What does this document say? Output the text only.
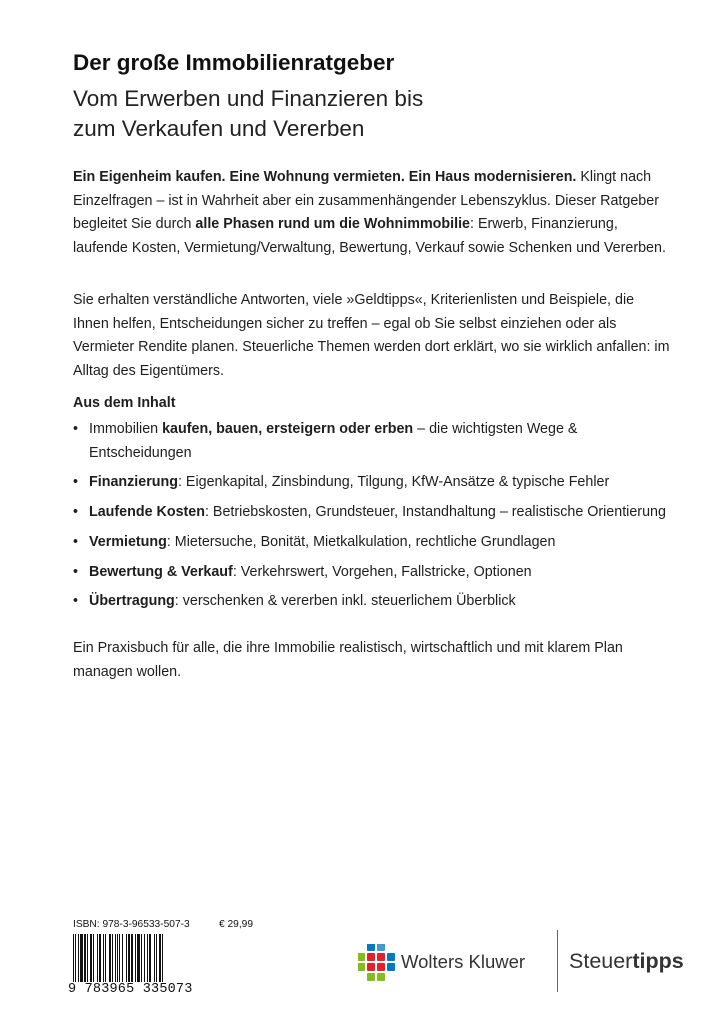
Der große Immobilienratgeber
Vom Erwerben und Finanzieren bis
zum Verkaufen und Vererben

Ein Eigenheim kaufen. Eine Wohnung vermieten. Ein Haus modernisieren. Klingt nach Einzelfragen – ist in Wahrheit aber ein zusammenhängender Lebenszyklus. Dieser Ratgeber begleitet Sie durch alle Phasen rund um die Wohnimmobilie: Erwerb, Finanzierung, laufende Kosten, Vermietung/Verwaltung, Bewertung, Verkauf sowie Schenken und Vererben.

Sie erhalten verständliche Antworten, viele »Geldtipps«, Kriterienlisten und Beispiele, die Ihnen helfen, Entscheidungen sicher zu treffen – egal ob Sie selbst einziehen oder als Vermieter Rendite planen. Steuerliche Themen werden dort erklärt, wo sie wirklich anfallen: im Alltag des Eigentümers.

Aus dem Inhalt

• Immobilien kaufen, bauen, ersteigern oder erben – die wichtigsten Wege & Entscheidungen
• Finanzierung: Eigenkapital, Zinsbindung, Tilgung, KfW-Ansätze & typische Fehler
• Laufende Kosten: Betriebskosten, Grundsteuer, Instandhaltung – realistische Orientierung
• Vermietung: Mietersuche, Bonität, Mietkalkulation, rechtliche Grundlagen
• Bewertung & Verkauf: Verkehrswert, Vorgehen, Fallstricke, Optionen
• Übertragung: verschenken & vererben inkl. steuerlichem Überblick

Ein Praxisbuch für alle, die ihre Immobilie realistisch, wirtschaftlich und mit klarem Plan managen wollen.

ISBN: 978-3-96533-507-3	€ 29,99
9 783965 335073
Wolters Kluwer Steuertipps
